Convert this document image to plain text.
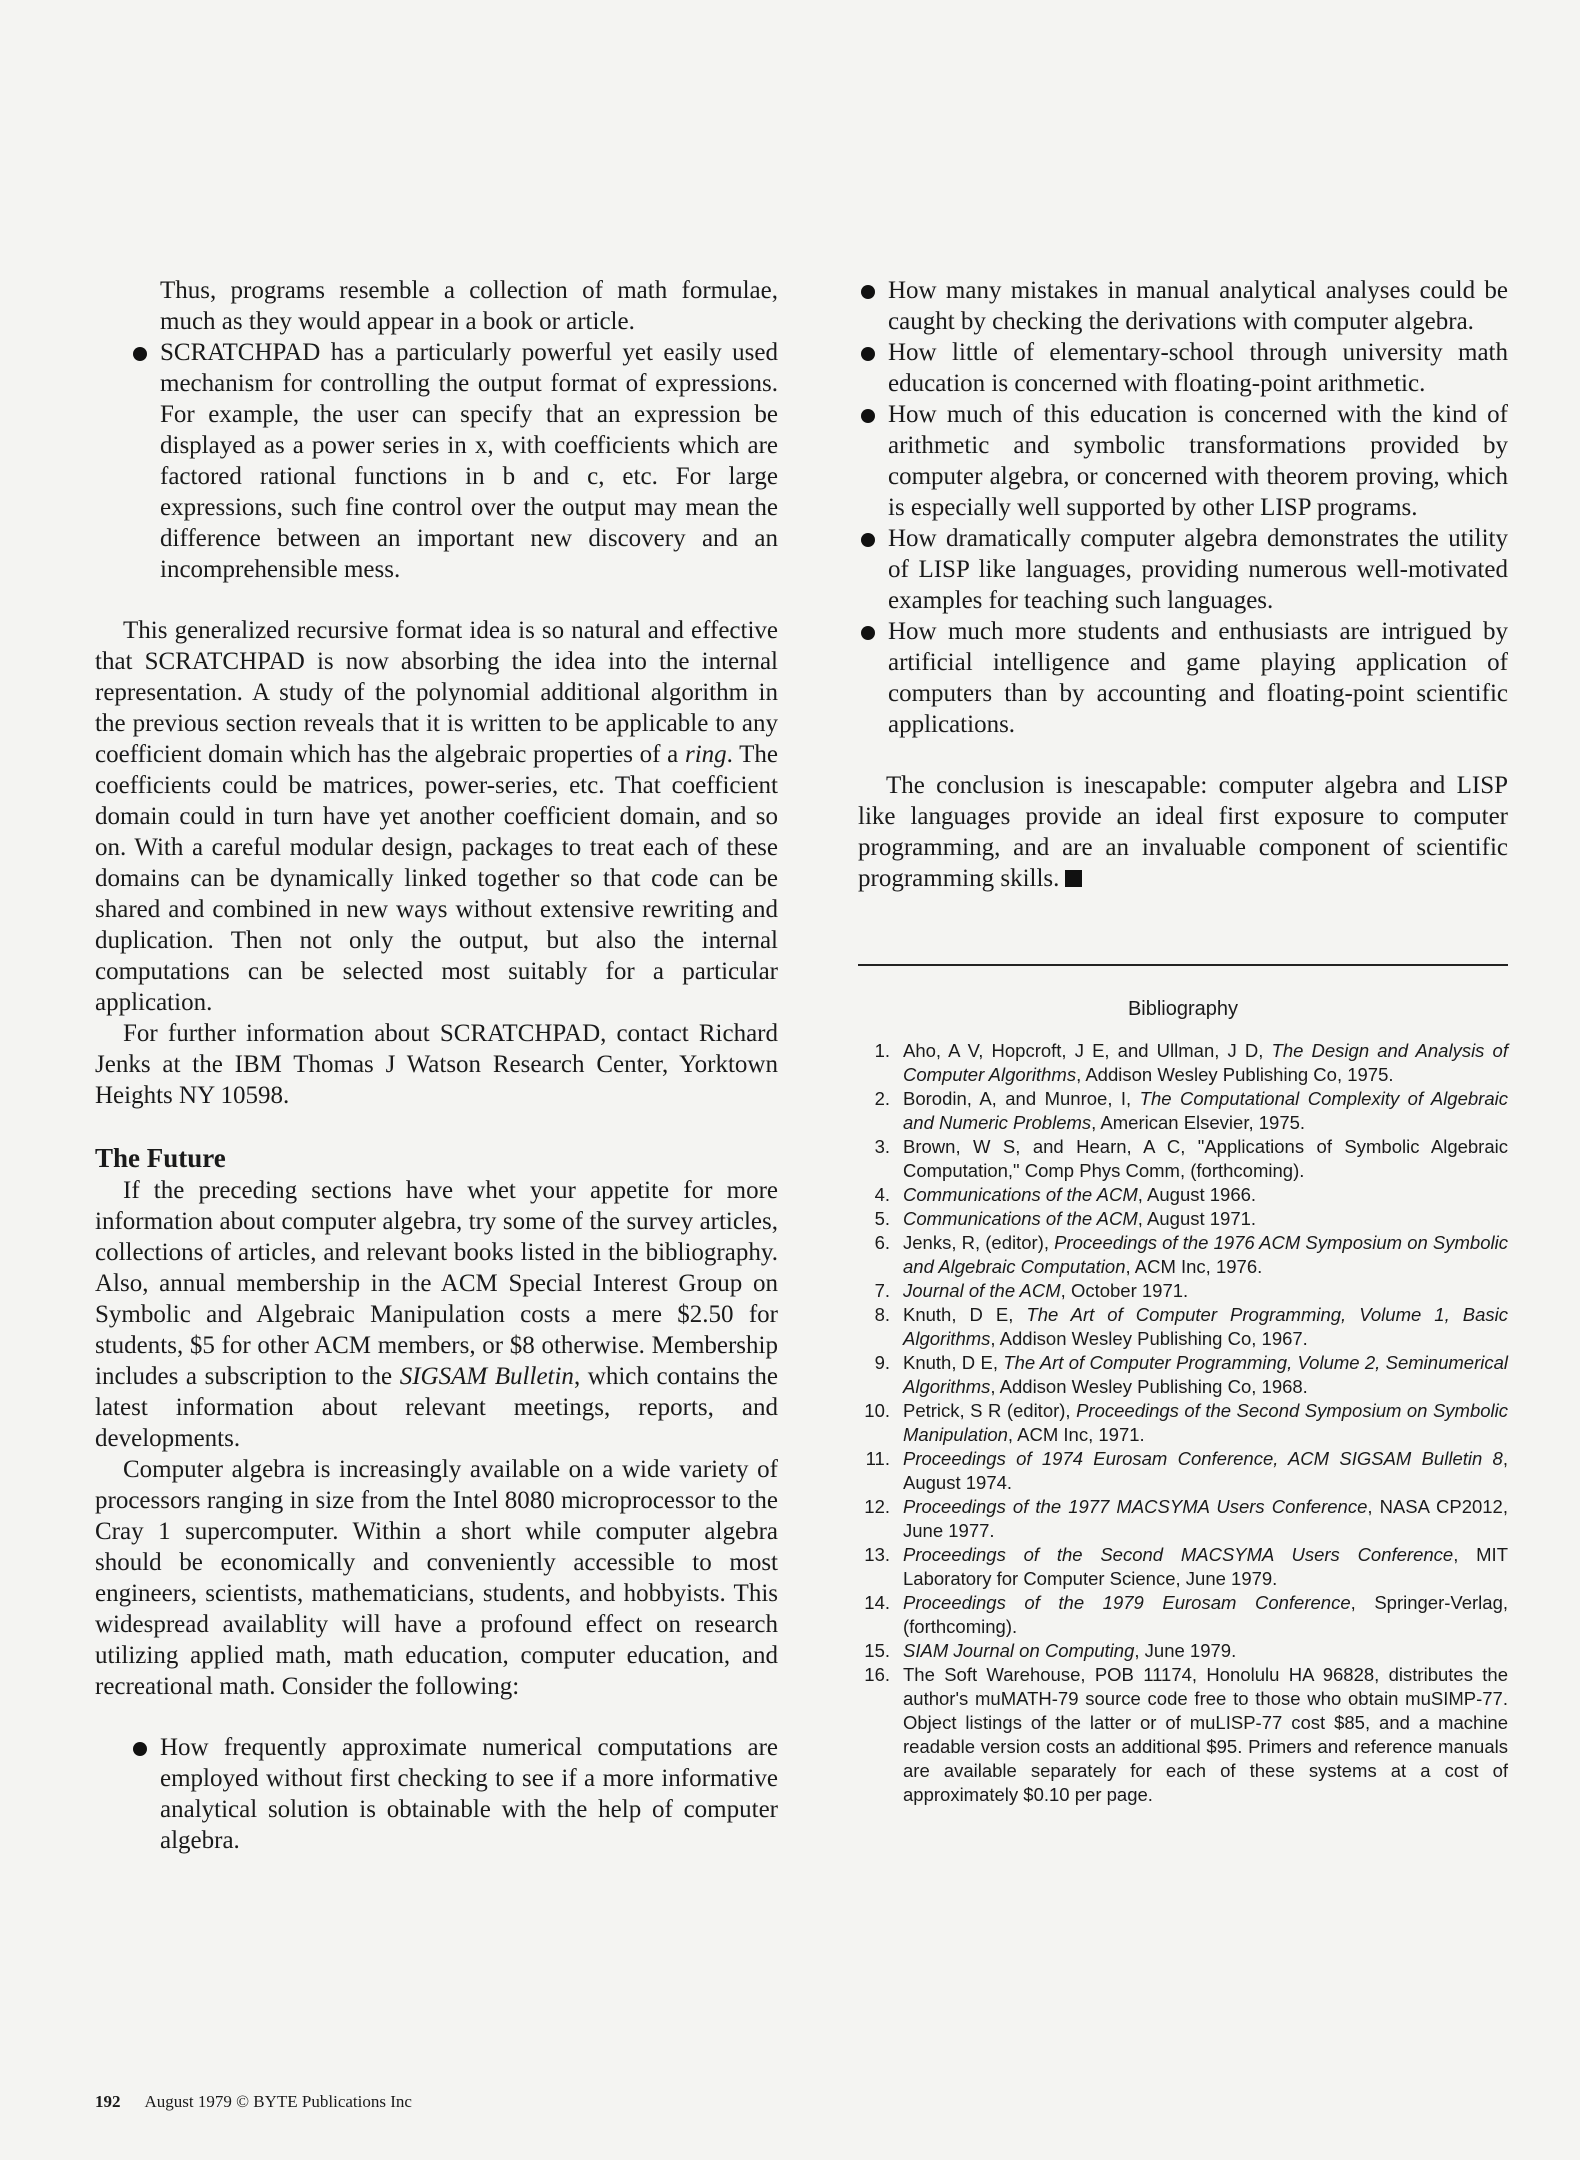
Thus, programs resemble a collection of math formulae, much as they would appear in a book or article.

SCRATCHPAD has a particularly powerful yet easily used mechanism for controlling the output format of expressions. For example, the user can specify that an expression be displayed as a power series in x, with coefficients which are factored rational functions in b and c, etc. For large expressions, such fine control over the output may mean the difference between an important new discovery and an incomprehensible mess.

This generalized recursive format idea is so natural and effective that SCRATCHPAD is now absorbing the idea into the internal representation. A study of the polynomial additional algorithm in the previous section reveals that it is written to be applicable to any coefficient domain which has the algebraic properties of a ring. The coefficients could be matrices, power-series, etc. That coefficient domain could in turn have yet another coefficient domain, and so on. With a careful modular design, packages to treat each of these domains can be dynamically linked together so that code can be shared and combined in new ways without extensive rewriting and duplication. Then not only the output, but also the internal computations can be selected most suitably for a particular application.

For further information about SCRATCHPAD, contact Richard Jenks at the IBM Thomas J Watson Research Center, Yorktown Heights NY 10598.

The Future

If the preceding sections have whet your appetite for more information about computer algebra, try some of the survey articles, collections of articles, and relevant books listed in the bibliography. Also, annual membership in the ACM Special Interest Group on Symbolic and Algebraic Manipulation costs a mere $2.50 for students, $5 for other ACM members, or $8 otherwise. Membership includes a subscription to the SIGSAM Bulletin, which contains the latest information about relevant meetings, reports, and developments.

Computer algebra is increasingly available on a wide variety of processors ranging in size from the Intel 8080 microprocessor to the Cray 1 supercomputer. Within a short while computer algebra should be economically and conveniently accessible to most engineers, scientists, mathematicians, students, and hobbyists. This widespread availablity will have a profound effect on research utilizing applied math, math education, computer education, and recreational math. Consider the following:

How frequently approximate numerical computations are employed without first checking to see if a more informative analytical solution is obtainable with the help of computer algebra.

How many mistakes in manual analytical analyses could be caught by checking the derivations with computer algebra.

How little of elementary-school through university math education is concerned with floating-point arithmetic.

How much of this education is concerned with the kind of arithmetic and symbolic transformations provided by computer algebra, or concerned with theorem proving, which is especially well supported by other LISP programs.

How dramatically computer algebra demonstrates the utility of LISP like languages, providing numerous well-motivated examples for teaching such languages.

How much more students and enthusiasts are intrigued by artificial intelligence and game playing application of computers than by accounting and floating-point scientific applications.

The conclusion is inescapable: computer algebra and LISP like languages provide an ideal first exposure to computer programming, and are an invaluable component of scientific programming skills.

Bibliography
1. Aho, A V, Hopcroft, J E, and Ullman, J D, The Design and Analysis of Computer Algorithms, Addison Wesley Publishing Co, 1975.
2. Borodin, A, and Munroe, I, The Computational Complexity of Algebraic and Numeric Problems, American Elsevier, 1975.
3. Brown, W S, and Hearn, A C, "Applications of Symbolic Algebraic Computation," Comp Phys Comm, (forthcoming).
4. Communications of the ACM, August 1966.
5. Communications of the ACM, August 1971.
6. Jenks, R, (editor), Proceedings of the 1976 ACM Symposium on Symbolic and Algebraic Computation, ACM Inc, 1976.
7. Journal of the ACM, October 1971.
8. Knuth, D E, The Art of Computer Programming, Volume 1, Basic Algorithms, Addison Wesley Publishing Co, 1967.
9. Knuth, D E, The Art of Computer Programming, Volume 2, Seminumerical Algorithms, Addison Wesley Publishing Co, 1968.
10. Petrick, S R (editor), Proceedings of the Second Symposium on Symbolic Manipulation, ACM Inc, 1971.
11. Proceedings of 1974 Eurosam Conference, ACM SIGSAM Bulletin 8, August 1974.
12. Proceedings of the 1977 MACSYMA Users Conference, NASA CP2012, June 1977.
13. Proceedings of the Second MACSYMA Users Conference, MIT Laboratory for Computer Science, June 1979.
14. Proceedings of the 1979 Eurosam Conference, Springer-Verlag, (forthcoming).
15. SIAM Journal on Computing, June 1979.
16. The Soft Warehouse, POB 11174, Honolulu HA 96828, distributes the author's muMATH-79 source code free to those who obtain muSIMP-77. Object listings of the latter or of muLISP-77 cost $85, and a machine readable version costs an additional $95. Primers and reference manuals are available separately for each of these systems at a cost of approximately $0.10 per page.
192 August 1979 © BYTE Publications Inc
